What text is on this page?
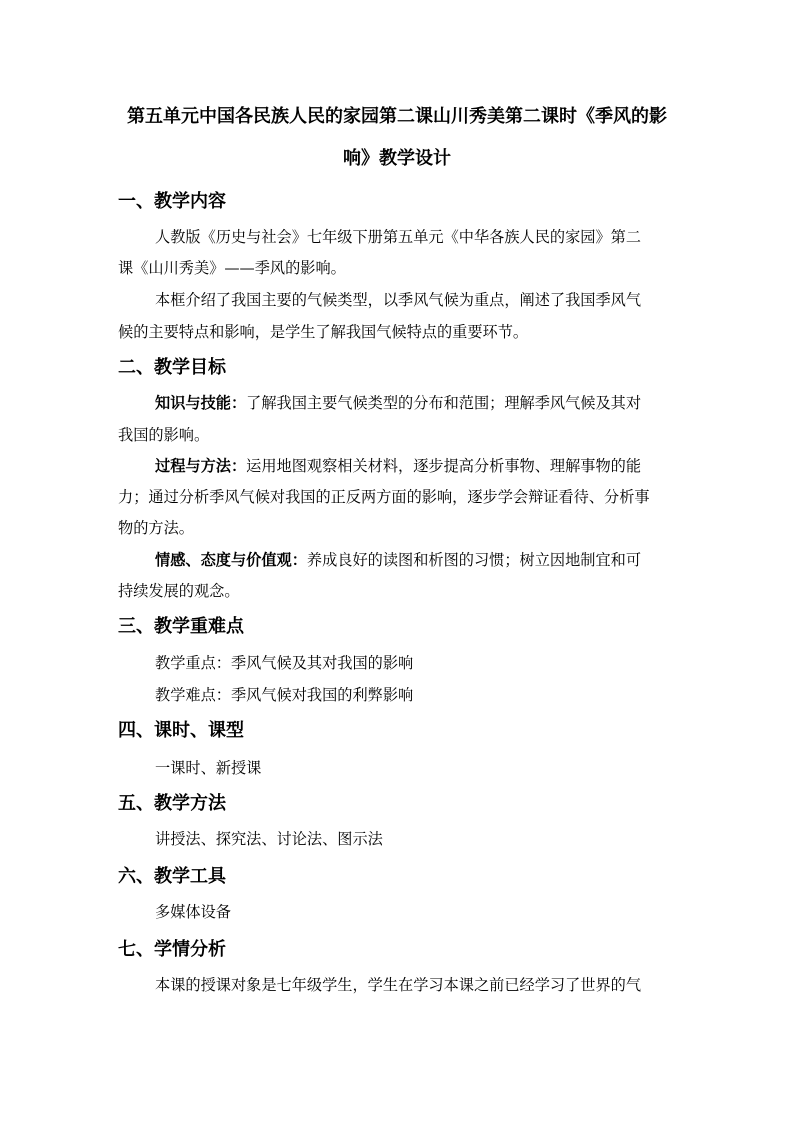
第五单元中国各民族人民的家园第二课山川秀美第二课时《季风的影
响》教学设计
一、教学内容

人教版《历史与社会》七年级下册第五单元《中华各族人民的家园》第二

课《山川秀美》——季风的影响。

本框介绍了我国主要的气候类型，以季风气候为重点，阐述了我国季风气

候的主要特点和影响，是学生了解我国气候特点的重要环节。

二、教学目标

知识与技能：了解我国主要气候类型的分布和范围；理解季风气候及其对

我国的影响。

过程与方法：运用地图观察相关材料，逐步提高分析事物、理解事物的能

力；通过分析季风气候对我国的正反两方面的影响，逐步学会辩证看待、分析事

物的方法。

情感、态度与价值观：养成良好的读图和析图的习惯；树立因地制宜和可

持续发展的观念。

三、教学重难点

教学重点：季风气候及其对我国的影响

教学难点：季风气候对我国的利弊影响

四、课时、课型

一课时、新授课

五、教学方法

讲授法、探究法、讨论法、图示法

六、教学工具

多媒体设备

七、学情分析

本课的授课对象是七年级学生，学生在学习本课之前已经学习了世界的气
